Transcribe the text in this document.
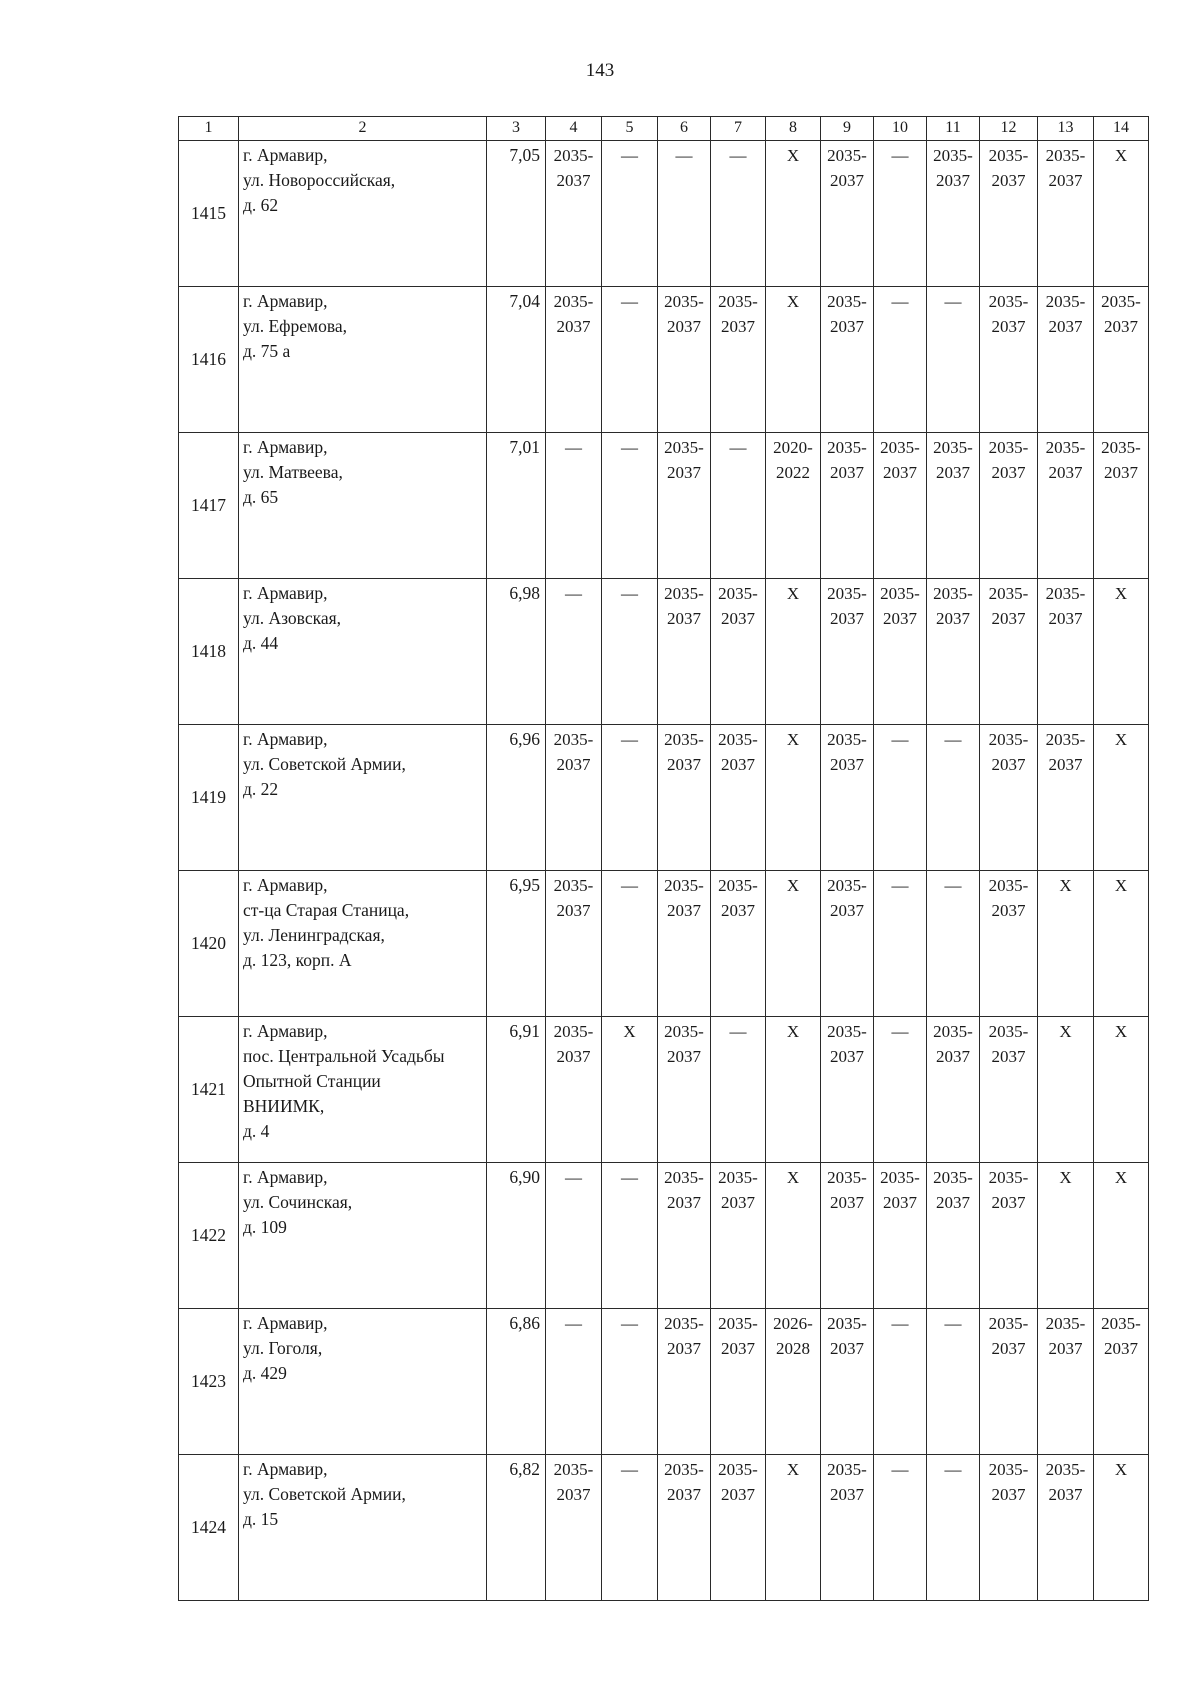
143
1	2	3	4	5	6	7	8	9	10	11	12	13	14
1415	г. Армавир,
ул. Новороссийская,
д. 62	7,05	2035-
2037	—	—	—	X	2035-
2037	—	2035-
2037	2035-
2037	2035-
2037	X
1416	г. Армавир,
ул. Ефремова,
д. 75 а	7,04	2035-
2037	—	2035-
2037	2035-
2037	X	2035-
2037	—	—	2035-
2037	2035-
2037	2035-
2037
1417	г. Армавир,
ул. Матвеева,
д. 65	7,01	—	—	2035-
2037	—	2020-
2022	2035-
2037	2035-
2037	2035-
2037	2035-
2037	2035-
2037	2035-
2037
1418	г. Армавир,
ул. Азовская,
д. 44	6,98	—	—	2035-
2037	2035-
2037	X	2035-
2037	2035-
2037	2035-
2037	2035-
2037	2035-
2037	X
1419	г. Армавир,
ул. Советской Армии,
д. 22	6,96	2035-
2037	—	2035-
2037	2035-
2037	X	2035-
2037	—	—	2035-
2037	2035-
2037	X
1420	г. Армавир,
ст-ца Старая Станица,
ул. Ленинградская,
д. 123, корп. А	6,95	2035-
2037	—	2035-
2037	2035-
2037	X	2035-
2037	—	—	2035-
2037	X	X
1421	г. Армавир,
пос. Центральной Усадьбы
Опытной Станции
ВНИИМК,
д. 4	6,91	2035-
2037	X	2035-
2037	—	X	2035-
2037	—	2035-
2037	2035-
2037	X	X
1422	г. Армавир,
ул. Сочинская,
д. 109	6,90	—	—	2035-
2037	2035-
2037	X	2035-
2037	2035-
2037	2035-
2037	2035-
2037	X	X
1423	г. Армавир,
ул. Гоголя,
д. 429	6,86	—	—	2035-
2037	2035-
2037	2026-
2028	2035-
2037	—	—	2035-
2037	2035-
2037	2035-
2037
1424	г. Армавир,
ул. Советской Армии,
д. 15	6,82	2035-
2037	—	2035-
2037	2035-
2037	X	2035-
2037	—	—	2035-
2037	2035-
2037	X
